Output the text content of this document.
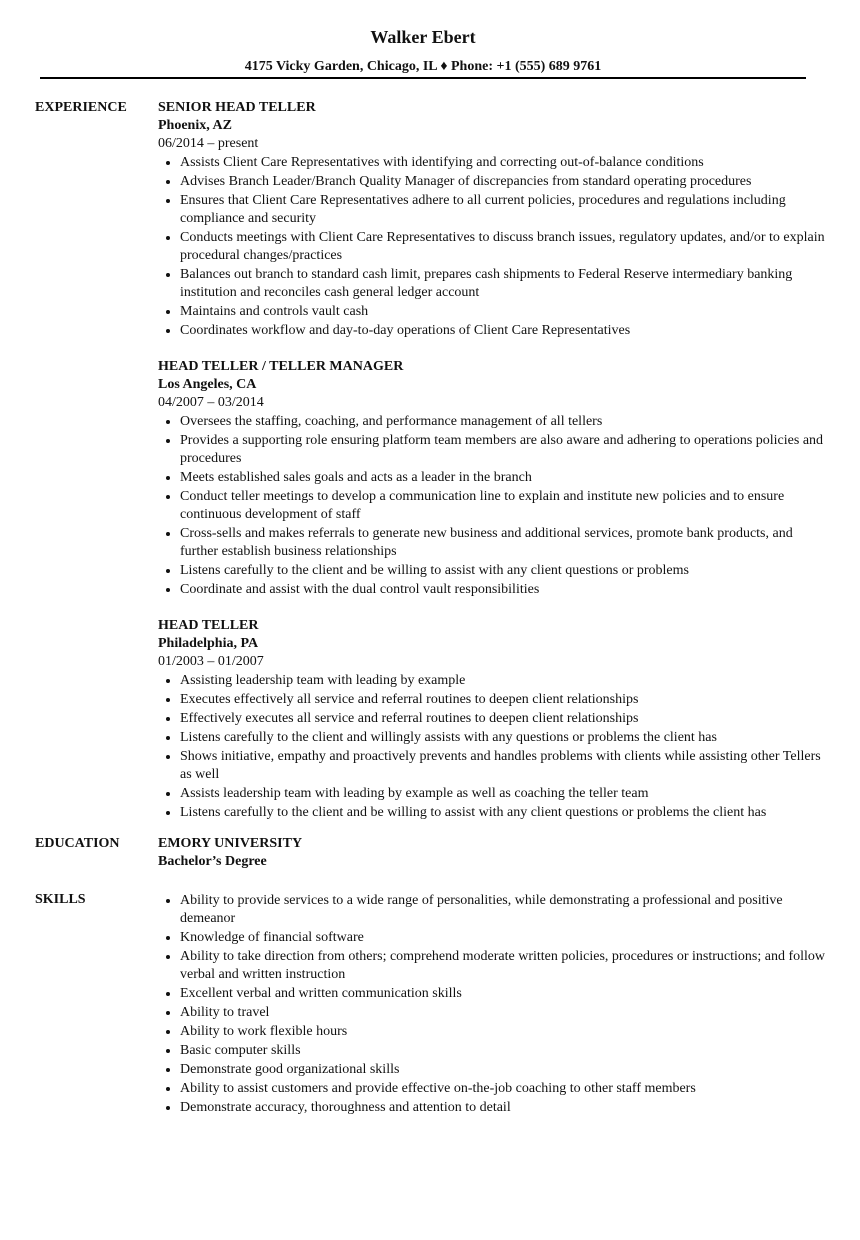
Walker Ebert
4175 Vicky Garden, Chicago, IL ♦ Phone: +1 (555) 689 9761
EXPERIENCE SENIOR HEAD TELLER
Phoenix, AZ
06/2014 – present
• Assists Client Care Representatives with identifying and correcting out-of-balance conditions
• Advises Branch Leader/Branch Quality Manager of discrepancies from standard operating procedures
• Ensures that Client Care Representatives adhere to all current policies, procedures and regulations including compliance and security
• Conducts meetings with Client Care Representatives to discuss branch issues, regulatory updates, and/or to explain procedural changes/practices
• Balances out branch to standard cash limit, prepares cash shipments to Federal Reserve intermediary banking institution and reconciles cash general ledger account
• Maintains and controls vault cash
• Coordinates workflow and day-to-day operations of Client Care Representatives
HEAD TELLER / TELLER MANAGER
Los Angeles, CA
04/2007 – 03/2014
• Oversees the staffing, coaching, and performance management of all tellers
• Provides a supporting role ensuring platform team members are also aware and adhering to operations policies and procedures
• Meets established sales goals and acts as a leader in the branch
• Conduct teller meetings to develop a communication line to explain and institute new policies and to ensure continuous development of staff
• Cross-sells and makes referrals to generate new business and additional services, promote bank products, and further establish business relationships
• Listens carefully to the client and be willing to assist with any client questions or problems
• Coordinate and assist with the dual control vault responsibilities
HEAD TELLER
Philadelphia, PA
01/2003 – 01/2007
• Assisting leadership team with leading by example
• Executes effectively all service and referral routines to deepen client relationships
• Effectively executes all service and referral routines to deepen client relationships
• Listens carefully to the client and willingly assists with any questions or problems the client has
• Shows initiative, empathy and proactively prevents and handles problems with clients while assisting other Tellers as well
• Assists leadership team with leading by example as well as coaching the teller team
• Listens carefully to the client and be willing to assist with any client questions or problems the client has
EDUCATION	EMORY UNIVERSITY
Bachelor’s Degree
SKILLS
•	Ability to provide services to a wide range of personalities, while demonstrating a professional and positive demeanor
• Knowledge of financial software
• Ability to take direction from others; comprehend moderate written policies, procedures or instructions; and follow verbal and written instruction
• Excellent verbal and written communication skills
• Ability to travel
• Ability to work flexible hours
• Basic computer skills
• Demonstrate good organizational skills
• Ability to assist customers and provide effective on-the-job coaching to other staff members
• Demonstrate accuracy, thoroughness and attention to detail
